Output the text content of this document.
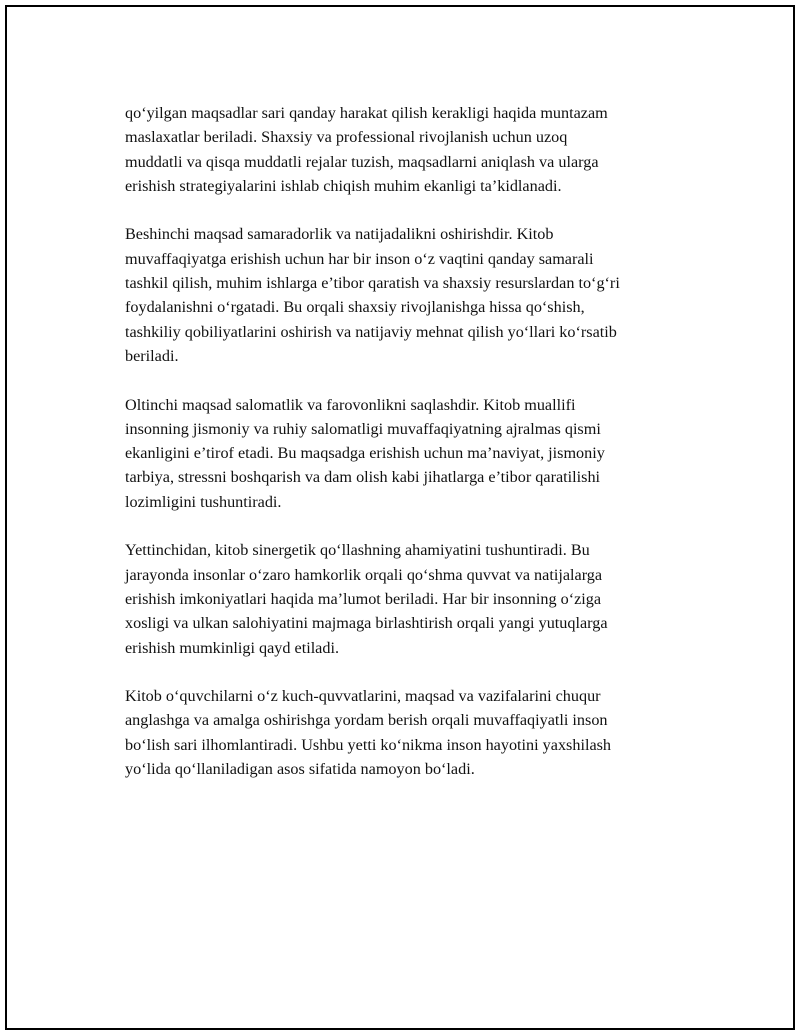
qo‘yilgan maqsadlar sari qanday harakat qilish kerakligi haqida muntazam
maslaxatlar beriladi. Shaxsiy va professional rivojlanish uchun uzoq
muddatli va qisqa muddatli rejalar tuzish, maqsadlarni aniqlash va ularga
erishish strategiyalarini ishlab chiqish muhim ekanligi ta’kidlanadi.

Beshinchi maqsad samaradorlik va natijadalikni oshirishdir. Kitob
muvaffaqiyatga erishish uchun har bir inson o‘z vaqtini qanday samarali
tashkil qilish, muhim ishlarga e’tibor qaratish va shaxsiy resurslardan to‘g‘ri
foydalanishni o‘rgatadi. Bu orqali shaxsiy rivojlanishga hissa qo‘shish,
tashkiliy qobiliyatlarini oshirish va natijaviy mehnat qilish yo‘llari ko‘rsatib
beriladi.

Oltinchi maqsad salomatlik va farovonlikni saqlashdir. Kitob muallifi
insonning jismoniy va ruhiy salomatligi muvaffaqiyatning ajralmas qismi
ekanligini e’tirof etadi. Bu maqsadga erishish uchun ma’naviyat, jismoniy
tarbiya, stressni boshqarish va dam olish kabi jihatlarga e’tibor qaratilishi
lozimligini tushuntiradi.

Yettinchidan, kitob sinergetik qo‘llashning ahamiyatini tushuntiradi. Bu
jarayonda insonlar o‘zaro hamkorlik orqali qo‘shma quvvat va natijalarga
erishish imkoniyatlari haqida ma’lumot beriladi. Har bir insonning o‘ziga
xosligi va ulkan salohiyatini majmaga birlashtirish orqali yangi yutuqlarga
erishish mumkinligi qayd etiladi.

Kitob o‘quvchilarni o‘z kuch-quvvatlarini, maqsad va vazifalarini chuqur
anglashga va amalga oshirishga yordam berish orqali muvaffaqiyatli inson
bo‘lish sari ilhomlantiradi. Ushbu yetti ko‘nikma inson hayotini yaxshilash
yo‘lida qo‘llaniladigan asos sifatida namoyon bo‘ladi.
